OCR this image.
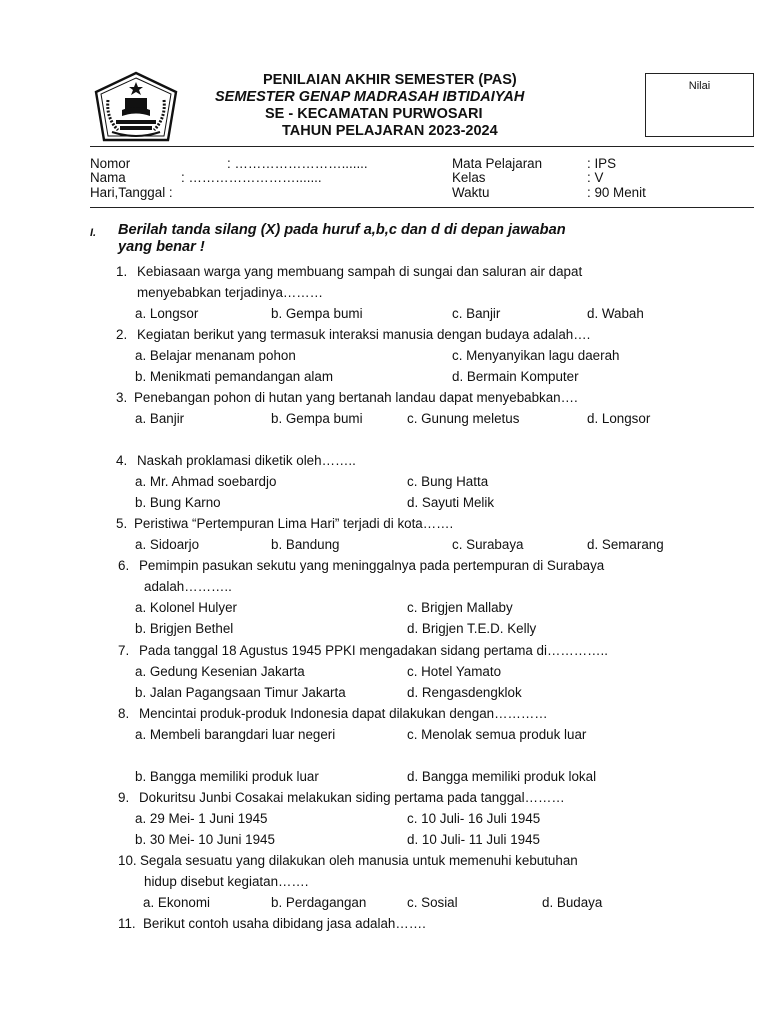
PENILAIAN AKHIR SEMESTER (PAS)
SEMESTER GENAP MADRASAH IBTIDAIYAH
SE - KECAMATAN PURWOSARI
TAHUN PELAJARAN 2023-2024
Nilai
Nomor	: …………………….......
Nama	: …………………….......
Hari,Tanggal :
Mata Pelajaran	: IPS
Kelas	: V
Waktu	: 90 Menit
I. Berilah tanda silang (X) pada huruf a,b,c dan d di depan jawaban
yang benar !
1. Kebiasaan warga yang membuang sampah di sungai dan saluran air dapat
menyebabkan terjadinya………
a. Longsor	b. Gempa bumi	c. Banjir	d. Wabah
2. Kegiatan berikut yang termasuk interaksi manusia dengan budaya adalah….
a. Belajar menanam pohon	c. Menyanyikan lagu daerah
b. Menikmati pemandangan alam	d. Bermain Komputer
3. Penebangan pohon di hutan yang bertanah landau dapat menyebabkan….
a. Banjir	b. Gempa bumi	c. Gunung meletus	d. Longsor
4. Naskah proklamasi diketik oleh……..
a. Mr. Ahmad soebardjo	c. Bung Hatta
b. Bung Karno	d. Sayuti Melik
5. Peristiwa “Pertempuran Lima Hari” terjadi di kota…….
a. Sidoarjo	b. Bandung	c. Surabaya	d. Semarang
6. Pemimpin pasukan sekutu yang meninggalnya pada pertempuran di Surabaya
adalah………..
a. Kolonel Hulyer	c. Brigjen Mallaby
b. Brigjen Bethel	d. Brigjen T.E.D. Kelly
7. Pada tanggal 18 Agustus 1945 PPKI mengadakan sidang pertama di…………..
a. Gedung Kesenian Jakarta	c. Hotel Yamato
b. Jalan Pagangsaan Timur Jakarta	d. Rengasdengklok
8. Mencintai produk-produk Indonesia dapat dilakukan dengan…………
a. Membeli barangdari luar negeri	c. Menolak semua produk luar
b. Bangga memiliki produk luar	d. Bangga memiliki produk lokal
9. Dokuritsu Junbi Cosakai melakukan siding pertama pada tanggal………
a. 29 Mei- 1 Juni 1945	c. 10 Juli- 16 Juli 1945
b. 30 Mei- 10 Juni 1945	d. 10 Juli- 11 Juli 1945
10. Segala sesuatu yang dilakukan oleh manusia untuk memenuhi kebutuhan
hidup disebut kegiatan…….
a. Ekonomi	b. Perdagangan	c. Sosial	d. Budaya
11. Berikut contoh usaha dibidang jasa adalah…….
